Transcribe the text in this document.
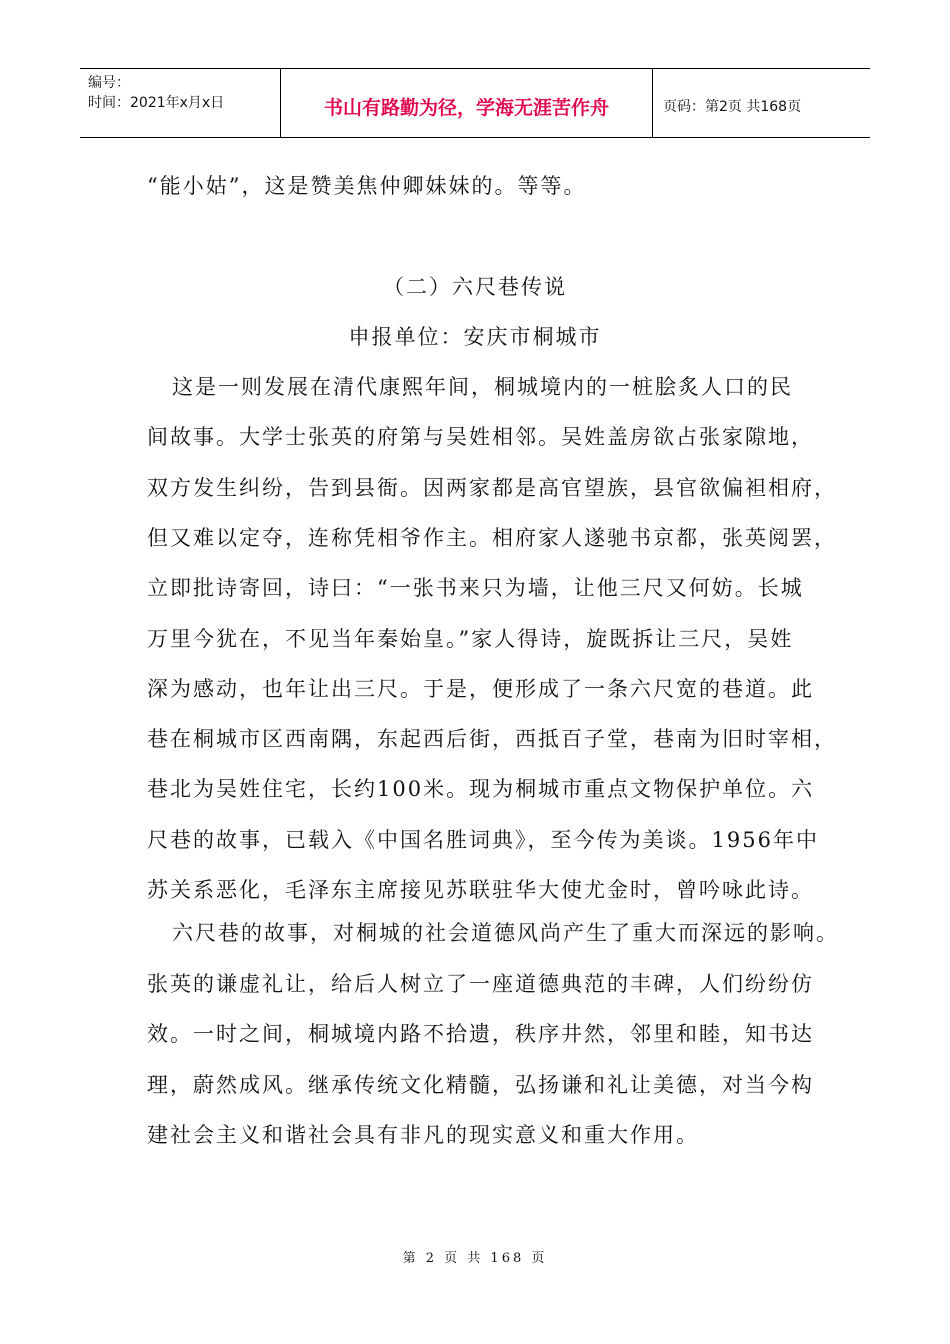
编号：
时间：2021年x月x日	书山有路勤为径，学海无涯苦作舟	页码：第2页 共168页
“能小姑”，这是赞美焦仲卿妹妹的。等等。
（二）六尺巷传说
申报单位：安庆市桐城市
这是一则发展在清代康熙年间，桐城境内的一桩脍炙人口的民
间故事。大学士张英的府第与吴姓相邻。吴姓盖房欲占张家隙地，
双方发生纠纷，告到县衙。因两家都是高官望族，县官欲偏袒相府，
但又难以定夺，连称凭相爷作主。相府家人遂驰书京都，张英阅罢，
立即批诗寄回，诗曰：“一张书来只为墙，让他三尺又何妨。长城
万里今犹在，不见当年秦始皇。”家人得诗，旋既拆让三尺，吴姓
深为感动，也年让出三尺。于是，便形成了一条六尺宽的巷道。此
巷在桐城市区西南隅，东起西后街，西抵百子堂，巷南为旧时宰相，
巷北为吴姓住宅，长约100米。现为桐城市重点文物保护单位。六
尺巷的故事，已载入《中国名胜词典》，至今传为美谈。1956年中
苏关系恶化，毛泽东主席接见苏联驻华大使尤金时，曾吟咏此诗。
六尺巷的故事，对桐城的社会道德风尚产生了重大而深远的影响。
张英的谦虚礼让，给后人树立了一座道德典范的丰碑，人们纷纷仿
效。一时之间，桐城境内路不拾遗，秩序井然，邻里和睦，知书达
理，蔚然成风。继承传统文化精髓，弘扬谦和礼让美德，对当今构
建社会主义和谐社会具有非凡的现实意义和重大作用。
第 2 页 共 168 页
